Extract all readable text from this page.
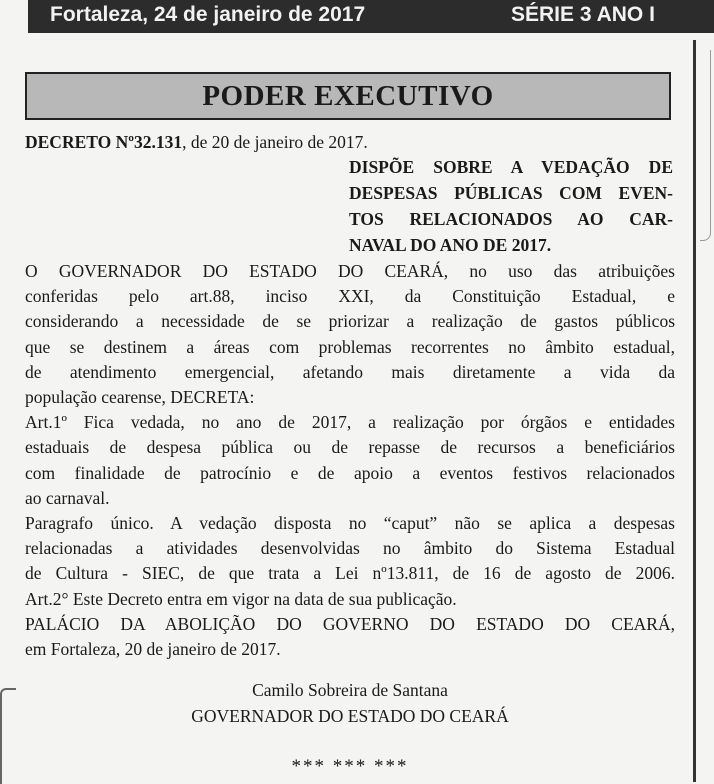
Fortaleza, 24 de janeiro de 2017	SÉRIE 3 ANO I
PODER EXECUTIVO
DECRETO Nº32.131, de 20 de janeiro de 2017.
DISPÕE SOBRE A VEDAÇÃO DE
DESPESAS PÚBLICAS COM EVEN-
TOS RELACIONADOS AO CAR-
NAVAL DO ANO DE 2017.
O GOVERNADOR DO ESTADO DO CEARÁ, no uso das atribuições
conferidas pelo art.88, inciso XXI, da Constituição Estadual, e
considerando a necessidade de se priorizar a realização de gastos públicos
que se destinem a áreas com problemas recorrentes no âmbito estadual,
de atendimento emergencial, afetando mais diretamente a vida da
população cearense, DECRETA:
Art.1º Fica vedada, no ano de 2017, a realização por órgãos e entidades
estaduais de despesa pública ou de repasse de recursos a beneficiários
com finalidade de patrocínio e de apoio a eventos festivos relacionados
ao carnaval.
Paragrafo único. A vedação disposta no “caput” não se aplica a despesas
relacionadas a atividades desenvolvidas no âmbito do Sistema Estadual
de Cultura - SIEC, de que trata a Lei nº13.811, de 16 de agosto de 2006.
Art.2° Este Decreto entra em vigor na data de sua publicação.
PALÁCIO DA ABOLIÇÃO DO GOVERNO DO ESTADO DO CEARÁ,
em Fortaleza, 20 de janeiro de 2017.
Camilo Sobreira de Santana
GOVERNADOR DO ESTADO DO CEARÁ
*** *** ***
